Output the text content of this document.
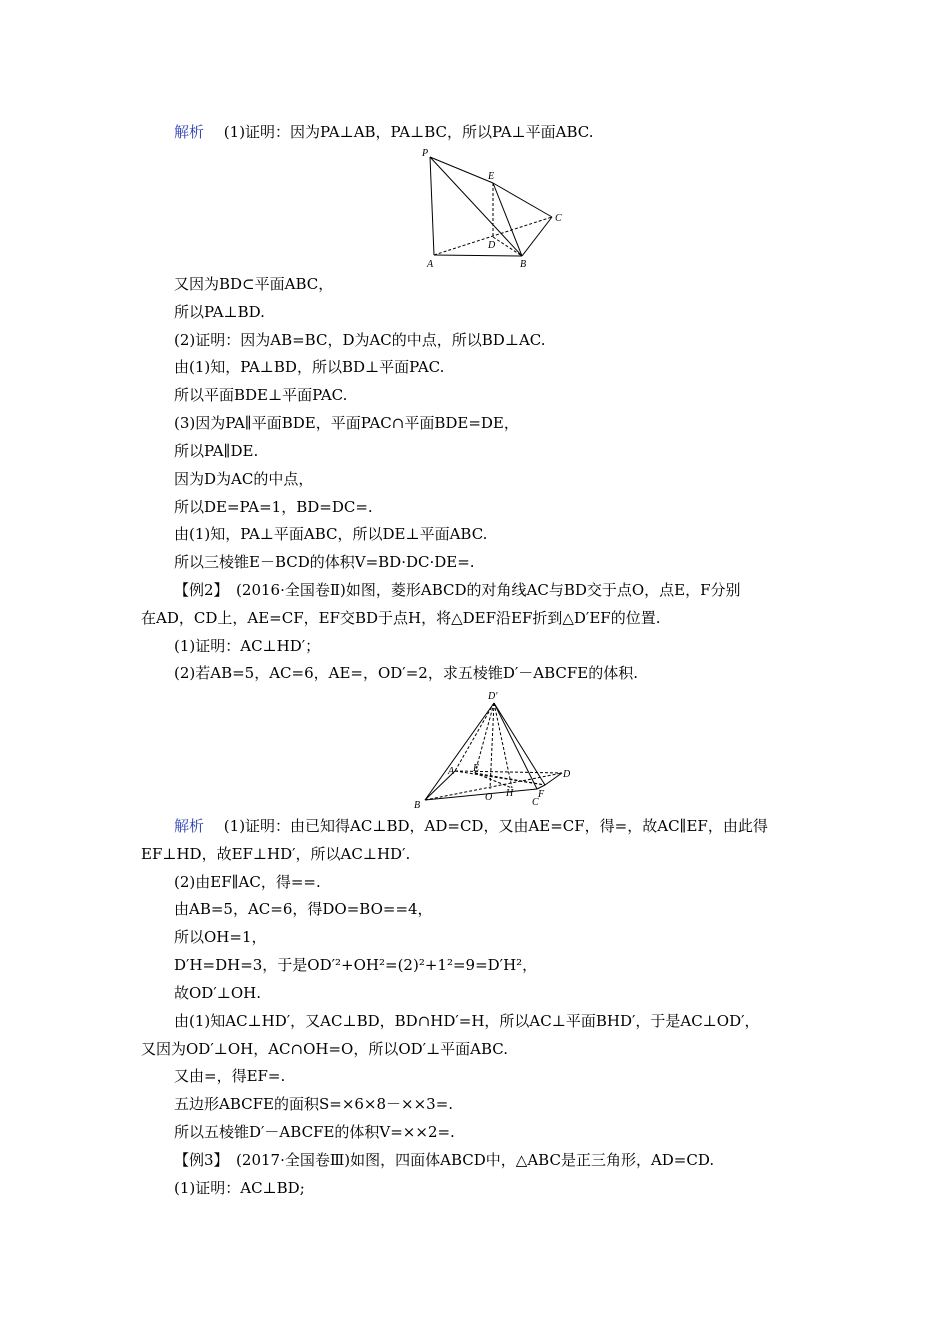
解析　 (1)证明：因为PA⊥AB，PA⊥BC，所以PA⊥平面ABC.
P
E
C
D
A	B
又因为BD⊂平面ABC，
所以PA⊥BD.
(2)证明：因为AB=BC，D为AC的中点，所以BD⊥AC.
由(1)知，PA⊥BD，所以BD⊥平面PAC.
所以平面BDE⊥平面PAC.
(3)因为PA∥平面BDE，平面PAC∩平面BDE=DE，
所以PA∥DE.
因为D为AC的中点，
所以DE=PA=1，BD=DC=.
由(1)知，PA⊥平面ABC，所以DE⊥平面ABC.
所以三棱锥E－BCD的体积V=BD·DC·DE=.
【例2】　(2016·全国卷Ⅱ)如图，菱形ABCD的对角线AC与BD交于点O，点E，F分别
在AD，CD上，AE=CF，EF交BD于点H，将△DEF沿EF折到△D′EF的位置.
(1)证明：AC⊥HD′；
(2)若AB=5，AC=6，AE=，OD′=2，求五棱锥D′－ABCFE的体积.
D′
A E
D
B
O H F
C
解析　 (1)证明：由已知得AC⊥BD，AD=CD，又由AE=CF，得=，故AC∥EF，由此得
EF⊥HD，故EF⊥HD′，所以AC⊥HD′.
(2)由EF∥AC，得==.
由AB=5，AC=6，得DO=BO==4，
所以OH=1，
D′H=DH=3，于是OD′²+OH²=(2)²+1²=9=D′H²，
故OD′⊥OH.
由(1)知AC⊥HD′，又AC⊥BD，BD∩HD′=H，所以AC⊥平面BHD′，于是AC⊥OD′，
又因为OD′⊥OH，AC∩OH=O，所以OD′⊥平面ABC.
又由=，得EF=.
五边形ABCFE的面积S=×6×8－××3=.
所以五棱锥D′－ABCFE的体积V=××2=.
【例3】　(2017·全国卷Ⅲ)如图，四面体ABCD中，△ABC是正三角形，AD=CD.
(1)证明：AC⊥BD;
